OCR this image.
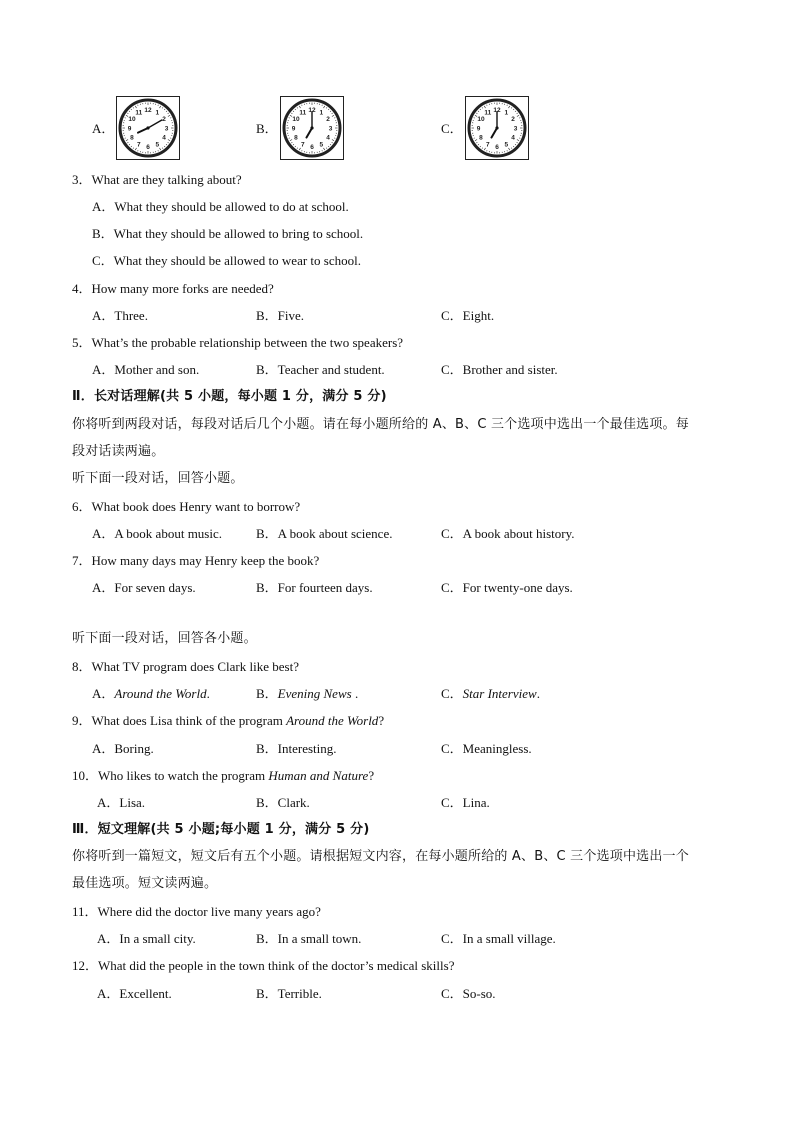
A．
12 1
2
3
4
5
6
7
8
9
10
11
B．
12 1
2
3
4
5
6
7
8
9
10
11
C．
12 1
2
3
4
5
6
7
8
9
10
11
3．What are they talking about?
A．What they should be allowed to do at school.
B．What they should be allowed to bring to school.
C．What they should be allowed to wear to school.
4．How many more forks are needed?
A．Three.	B．Five.	C．Eight.
5．What’s the probable relationship between the two speakers?
A．Mother and son.	B．Teacher and student.	C．Brother and sister.
Ⅱ．长对话理解(共 5 小题，每小题 1 分，满分 5 分)
你将听到两段对话，每段对话后几个小题。请在每小题所给的 A、B、C 三个选项中选出一个最佳选项。每
段对话读两遍。
听下面一段对话，回答小题。
6．What book does Henry want to borrow?
A．A book about music.	B．A book about science.	C．A book about history.
7．How many days may Henry keep the book?
A．For seven days.	B．For fourteen days.	C．For twenty-one days.
听下面一段对话，回答各小题。
8．What TV program does Clark like best?
A．Around the World.	B．Evening News .	C．Star Interview.
9．What does Lisa think of the program Around the World?
A．Boring.	B．Interesting.	C．Meaningless.
10．Who likes to watch the program Human and Nature?
A．Lisa.	B．Clark.	C．Lina.
Ⅲ．短文理解(共 5 小题;每小题 1 分，满分 5 分)
你将听到一篇短文，短文后有五个小题。请根据短文内容，在每小题所给的 A、B、C 三个选项中选出一个
最佳选项。短文读两遍。
11．Where did the doctor live many years ago?
A．In a small city.	B．In a small town.	C．In a small village.
12．What did the people in the town think of the doctor’s medical skills?
A．Excellent.	B．Terrible.	C．So-so.
